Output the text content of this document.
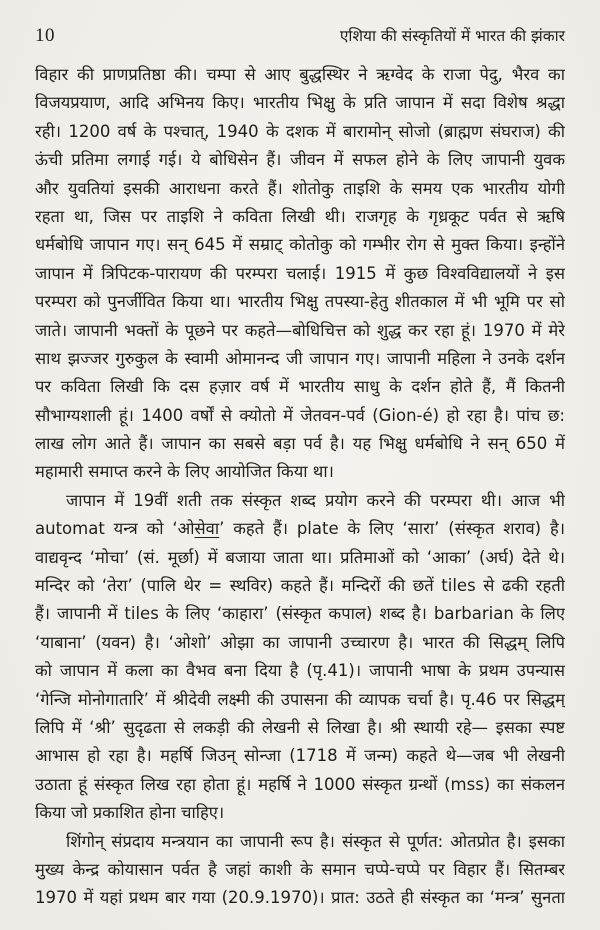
10	एशिया की संस्कृतियों में भारत की झंकार
विहार की प्राणप्रतिष्ठा की। चम्पा से आए बुद्धस्थिर ने ऋग्वेद के राजा पेदु, भैरव का
विजयप्रयाण, आदि अभिनय किए। भारतीय भिक्षु के प्रति जापान में सदा विशेष श्रद्धा
रही। 1200 वर्ष के पश्चात्, 1940 के दशक में बारामोन् सोजो (ब्राह्मण संघराज) की
ऊंची प्रतिमा लगाई गई। ये बोधिसेन हैं। जीवन में सफल होने के लिए जापानी युवक
और युवतियां इसकी आराधना करते हैं। शोतोकु ताइशि के समय एक भारतीय योगी
रहता था, जिस पर ताइशि ने कविता लिखी थी। राजगृह के गृध्रकूट पर्वत से ऋषि
धर्मबोधि जापान गए। सन् 645 में सम्राट् कोतोकु को गम्भीर रोग से मुक्त किया। इन्होंने
जापान में त्रिपिटक-पारायण की परम्परा चलाई। 1915 में कुछ विश्वविद्यालयों ने इस
परम्परा को पुनर्जीवित किया था। भारतीय भिक्षु तपस्या-हेतु शीतकाल में भी भूमि पर सो
जाते। जापानी भक्तों के पूछने पर कहते—बोधिचित्त को शुद्ध कर रहा हूं। 1970 में मेरे
साथ झज्जर गुरुकुल के स्वामी ओमानन्द जी जापान गए। जापानी महिला ने उनके दर्शन
पर कविता लिखी कि दस हज़ार वर्ष में भारतीय साधु के दर्शन होते हैं, मैं कितनी
सौभाग्यशाली हूं। 1400 वर्षों से क्योतो में जेतवन-पर्व (Gion-é) हो रहा है। पांच छ:
लाख लोग आते हैं। जापान का सबसे बड़ा पर्व है। यह भिक्षु धर्मबोधि ने सन् 650 में
महामारी समाप्त करने के लिए आयोजित किया था।
जापान में 19वीं शती तक संस्कृत शब्द प्रयोग करने की परम्परा थी। आज भी
automat यन्त्र को ‘ओसेवा’ कहते हैं। plate के लिए ‘सारा’ (संस्कृत शराव) है।
वाद्यवृन्द ‘मोचा’ (सं. मूर्छा) में बजाया जाता था। प्रतिमाओं को ‘आका’ (अर्घ) देते थे।
मन्दिर को ‘तेरा’ (पालि थेर = स्थविर) कहते हैं। मन्दिरों की छतें tiles से ढकी रहती
हैं। जापानी में tiles के लिए ‘काहारा’ (संस्कृत कपाल) शब्द है। barbarian के लिए
‘याबाना’ (यवन) है। ‘ओशो’ ओझा का जापानी उच्चारण है। भारत की सिद्धम् लिपि
को जापान में कला का वैभव बना दिया है (पृ.41)। जापानी भाषा के प्रथम उपन्यास
‘गेन्जि मोनोगातारि’ में श्रीदेवी लक्ष्मी की उपासना की व्यापक चर्चा है। पृ.46 पर सिद्धम्
लिपि में ‘श्री’ सुदृढता से लकड़ी की लेखनी से लिखा है। श्री स्थायी रहे— इसका स्पष्ट
आभास हो रहा है। महर्षि जिउन् सोन्जा (1718 में जन्म) कहते थे—जब भी लेखनी
उठाता हूं संस्कृत लिख रहा होता हूं। महर्षि ने 1000 संस्कृत ग्रन्थों (mss) का संकलन
किया जो प्रकाशित होना चाहिए।
शिंगोन् संप्रदाय मन्त्रयान का जापानी रूप है। संस्कृत से पूर्णत: ओतप्रोत है। इसका
मुख्य केन्द्र कोयासान पर्वत है जहां काशी के समान चप्पे-चप्पे पर विहार हैं। सितम्बर
1970 में यहां प्रथम बार गया (20.9.1970)। प्रात: उठते ही संस्कृत का ‘मन्त्र’ सुनता
